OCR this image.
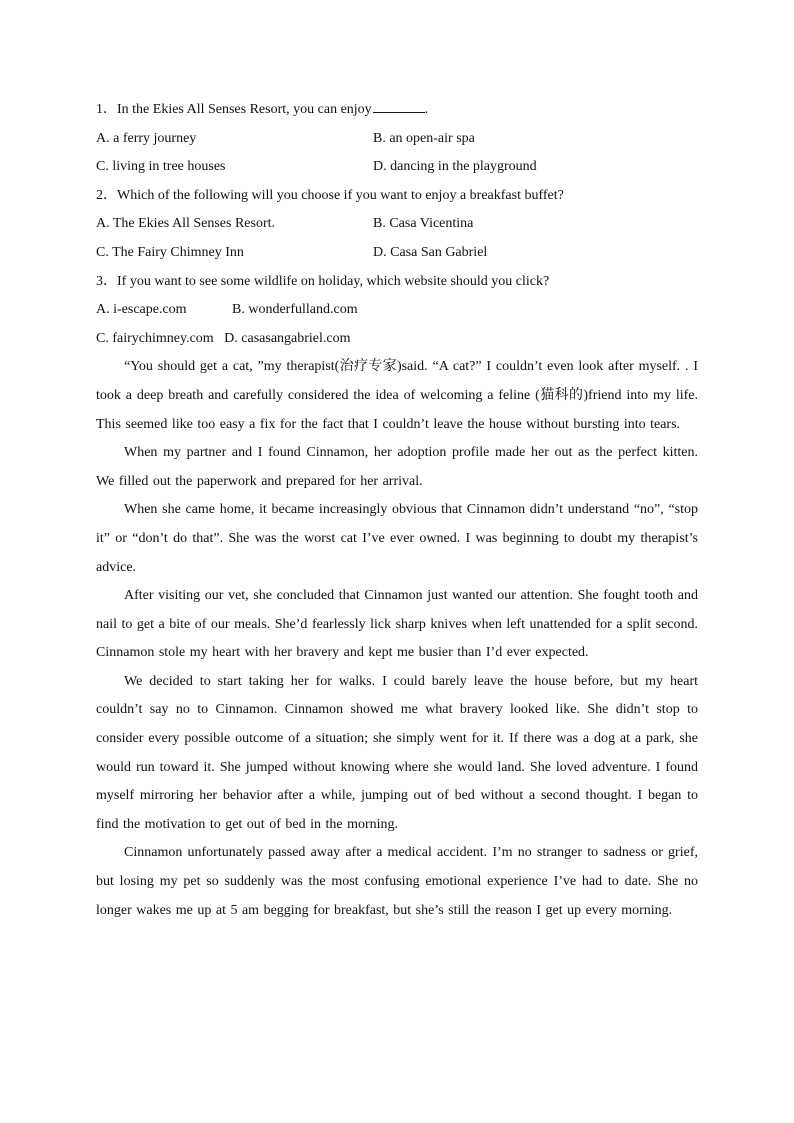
1．In the Ekies All Senses Resort, you can enjoy	.
A. a ferry journey	B. an open-air spa
C. living in tree houses	D. dancing in the playground
2．Which of the following will you choose if you want to enjoy a breakfast buffet?
A. The Ekies All Senses Resort.	B. Casa Vicentina
C. The Fairy Chimney Inn	D. Casa San Gabriel
3．If you want to see some wildlife on holiday, which website should you click?
A. i-escape.com	B. wonderfulland.com
C. fairychimney.com D. casasangabriel.com

“You should get a cat, ”my therapist(治疗专家)said. “A cat?” I couldn’t even look after myself. . I took a deep breath and carefully considered the idea of welcoming a feline (猫科的)friend into my life. This seemed like too easy a fix for the fact that I couldn’t leave the house without bursting into tears.

When my partner and I found Cinnamon, her adoption profile made her out as the perfect kitten. We filled out the paperwork and prepared for her arrival.

When she came home, it became increasingly obvious that Cinnamon didn’t understand “no”, “stop it” or “don’t do that”. She was the worst cat I’ve ever owned. I was beginning to doubt my therapist’s advice.

After visiting our vet, she concluded that Cinnamon just wanted our attention. She fought tooth and nail to get a bite of our meals. She’d fearlessly lick sharp knives when left unattended for a split second. Cinnamon stole my heart with her bravery and kept me busier than I’d ever expected.

We decided to start taking her for walks. I could barely leave the house before, but my heart couldn’t say no to Cinnamon. Cinnamon showed me what bravery looked like. She didn’t stop to consider every possible outcome of a situation; she simply went for it. If there was a dog at a park, she would run toward it. She jumped without knowing where she would land. She loved adventure. I found myself mirroring her behavior after a while, jumping out of bed without a second thought. I began to find the motivation to get out of bed in the morning.

Cinnamon unfortunately passed away after a medical accident. I’m no stranger to sadness or grief, but losing my pet so suddenly was the most confusing emotional experience I’ve had to date. She no longer wakes me up at 5 am begging for breakfast, but she’s still the reason I get up every morning.
